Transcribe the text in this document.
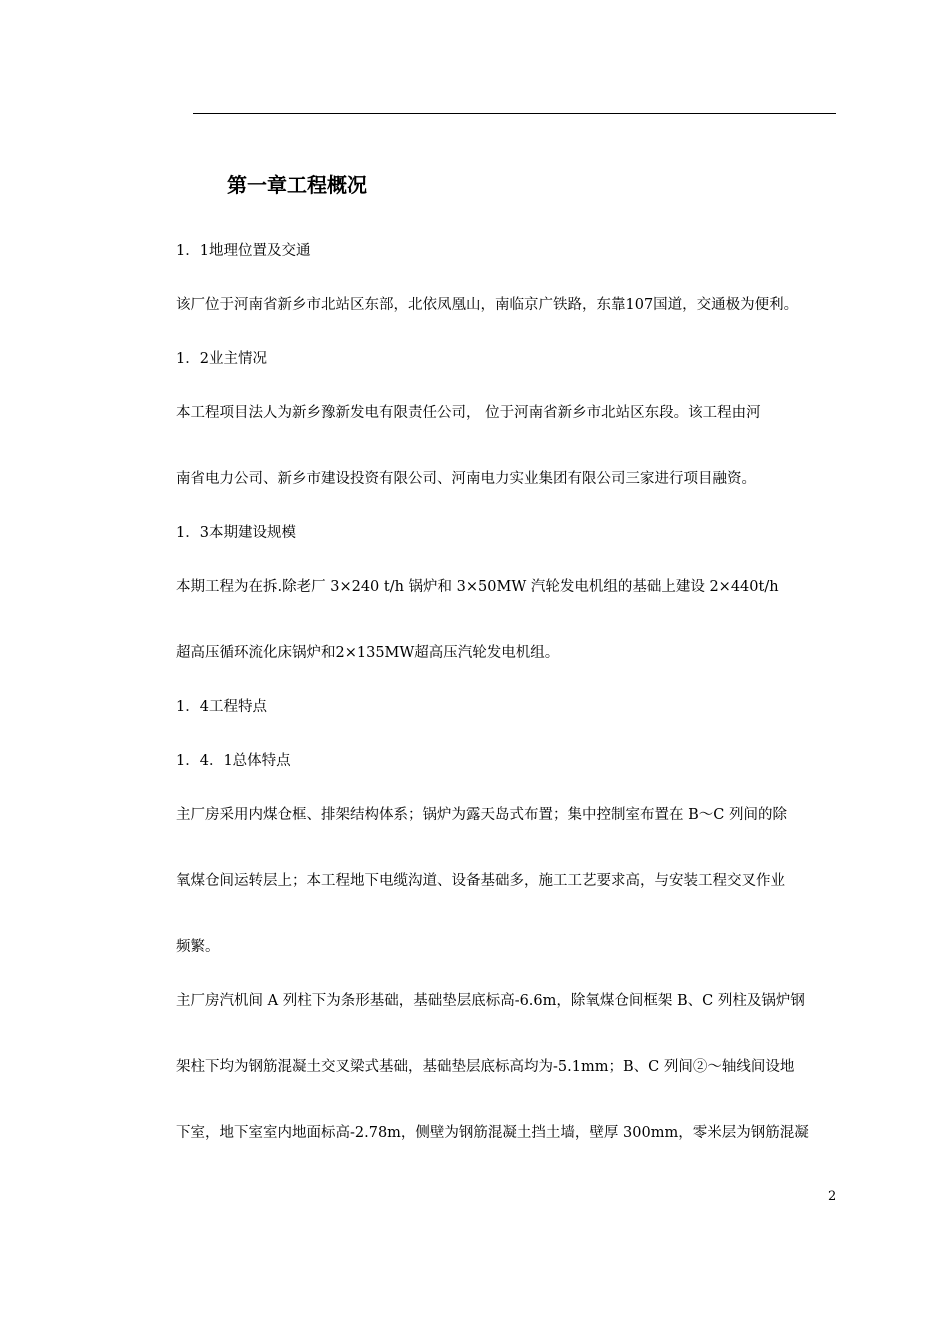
第一章工程概况
1．1地理位置及交通
该厂位于河南省新乡市北站区东部，北依凤凰山，南临京广铁路，东靠107国道，交通极为便利。
1．2业主情况
本工程项目法人为新乡豫新发电有限责任公司， 位于河南省新乡市北站区东段。该工程由河
南省电力公司、新乡市建设投资有限公司、河南电力实业集团有限公司三家进行项目融资。
1．3本期建设规模
本期工程为在拆.除老厂 3×240 t/h 锅炉和 3×50MW 汽轮发电机组的基础上建设 2×440t/h
超高压循环流化床锅炉和2×135MW超高压汽轮发电机组。
1．4工程特点
1．4．1总体特点
主厂房采用内煤仓框、排架结构体系；锅炉为露天岛式布置；集中控制室布置在 B～C 列间的除
氧煤仓间运转层上；本工程地下电缆沟道、设备基础多，施工工艺要求高，与安装工程交叉作业
频繁。
主厂房汽机间 A 列柱下为条形基础，基础垫层底标高-6.6m，除氧煤仓间框架 B、C 列柱及锅炉钢
架柱下均为钢筋混凝土交叉梁式基础，基础垫层底标高均为-5.1mm；B、C 列间②～轴线间设地
下室，地下室室内地面标高-2.78m，侧壁为钢筋混凝土挡土墙，壁厚 300mm，零米层为钢筋混凝
2
